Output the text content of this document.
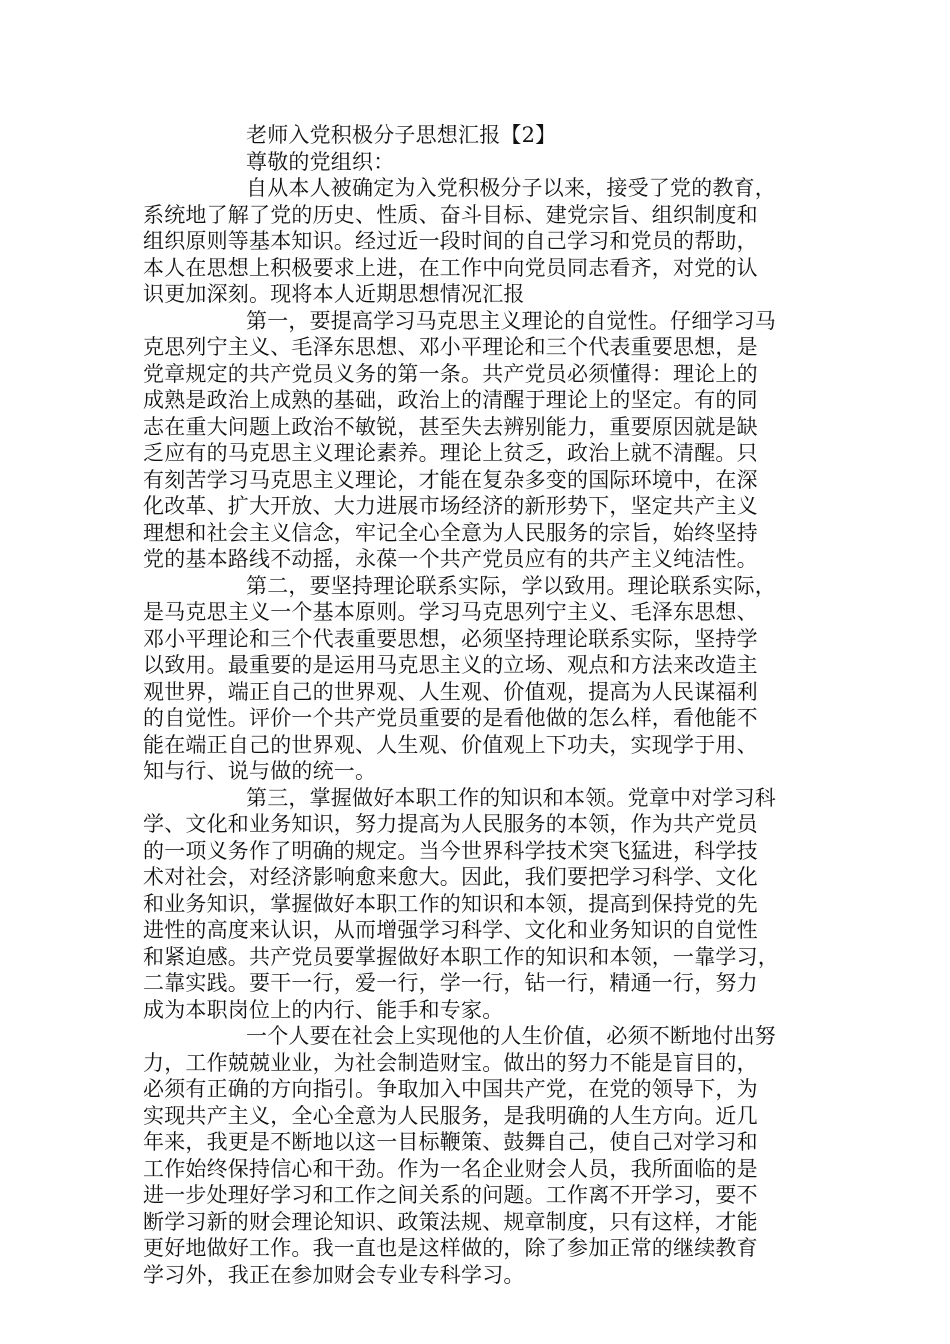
老师入党积极分子思想汇报【2】
尊敬的党组织：
自从本人被确定为入党积极分子以来，接受了党的教育，
系统地了解了党的历史、性质、奋斗目标、建党宗旨、组织制度和
组织原则等基本知识。经过近一段时间的自己学习和党员的帮助，
本人在思想上积极要求上进，在工作中向党员同志看齐，对党的认
识更加深刻。现将本人近期思想情况汇报
第一，要提高学习马克思主义理论的自觉性。仔细学习马
克思列宁主义、毛泽东思想、邓小平理论和三个代表重要思想，是
党章规定的共产党员义务的第一条。共产党员必须懂得：理论上的
成熟是政治上成熟的基础，政治上的清醒于理论上的坚定。有的同
志在重大问题上政治不敏锐，甚至失去辨别能力，重要原因就是缺
乏应有的马克思主义理论素养。理论上贫乏，政治上就不清醒。只
有刻苦学习马克思主义理论，才能在复杂多变的国际环境中，在深
化改革、扩大开放、大力进展市场经济的新形势下，坚定共产主义
理想和社会主义信念，牢记全心全意为人民服务的宗旨，始终坚持
党的基本路线不动摇，永葆一个共产党员应有的共产主义纯洁性。
第二，要坚持理论联系实际，学以致用。理论联系实际，
是马克思主义一个基本原则。学习马克思列宁主义、毛泽东思想、
邓小平理论和三个代表重要思想，必须坚持理论联系实际，坚持学
以致用。最重要的是运用马克思主义的立场、观点和方法来改造主
观世界，端正自己的世界观、人生观、价值观，提高为人民谋福利
的自觉性。评价一个共产党员重要的是看他做的怎么样，看他能不
能在端正自己的世界观、人生观、价值观上下功夫，实现学于用、
知与行、说与做的统一。
第三，掌握做好本职工作的知识和本领。党章中对学习科
学、文化和业务知识，努力提高为人民服务的本领，作为共产党员
的一项义务作了明确的规定。当今世界科学技术突飞猛进，科学技
术对社会，对经济影响愈来愈大。因此，我们要把学习科学、文化
和业务知识，掌握做好本职工作的知识和本领，提高到保持党的先
进性的高度来认识，从而增强学习科学、文化和业务知识的自觉性
和紧迫感。共产党员要掌握做好本职工作的知识和本领，一靠学习，
二靠实践。要干一行，爱一行，学一行，钻一行，精通一行，努力
成为本职岗位上的内行、能手和专家。
一个人要在社会上实现他的人生价值，必须不断地付出努
力，工作兢兢业业，为社会制造财宝。做出的努力不能是盲目的，
必须有正确的方向指引。争取加入中国共产党，在党的领导下，为
实现共产主义，全心全意为人民服务，是我明确的人生方向。近几
年来，我更是不断地以这一目标鞭策、鼓舞自己，使自己对学习和
工作始终保持信心和干劲。作为一名企业财会人员，我所面临的是
进一步处理好学习和工作之间关系的问题。工作离不开学习，要不
断学习新的财会理论知识、政策法规、规章制度，只有这样，才能
更好地做好工作。我一直也是这样做的，除了参加正常的继续教育
学习外，我正在参加财会专业专科学习。
